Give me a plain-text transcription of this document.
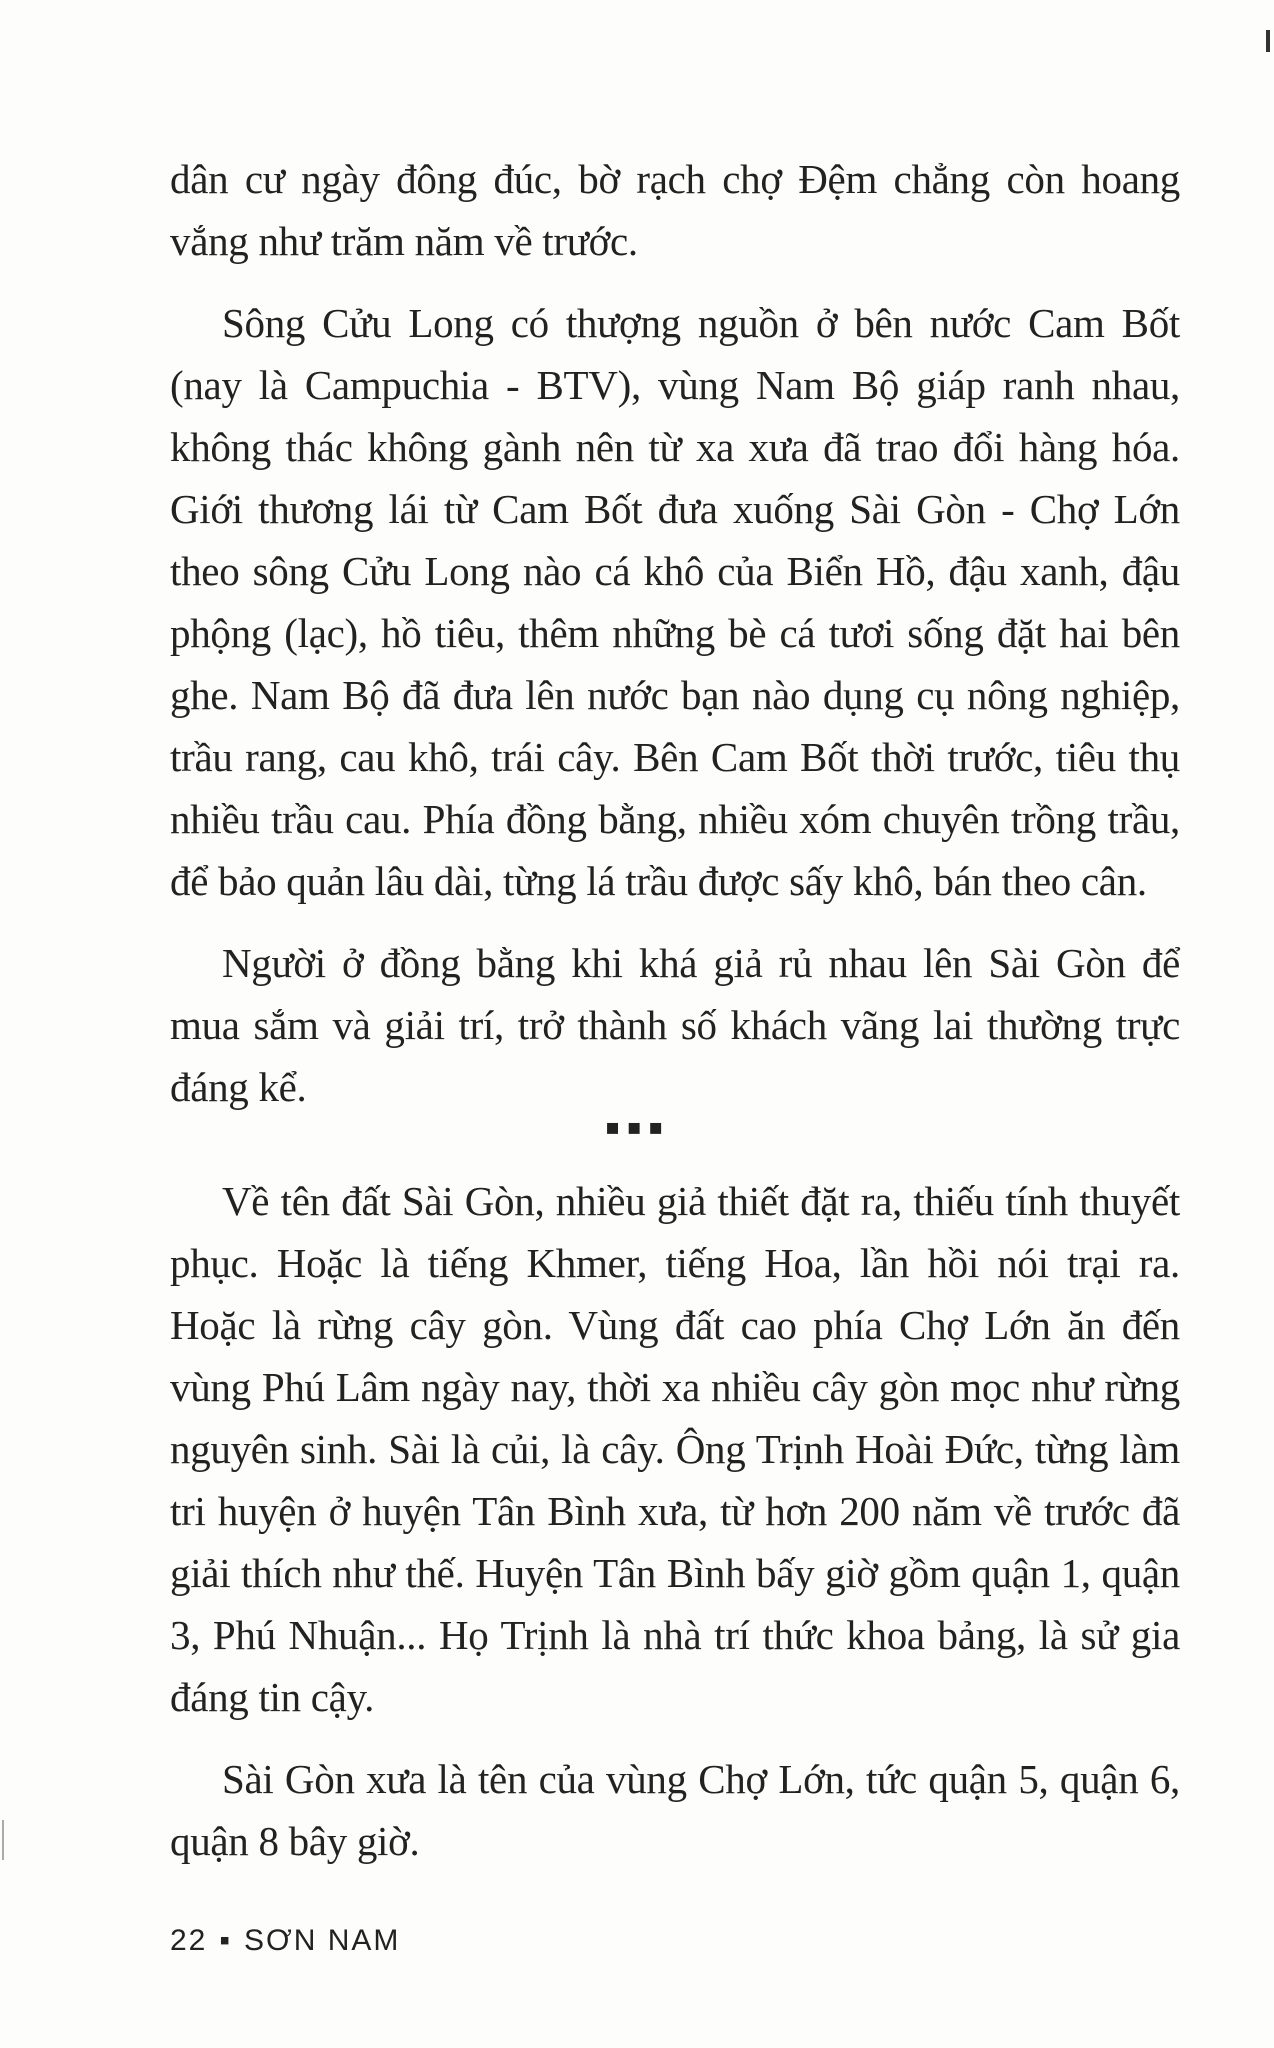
dân cư ngày đông đúc, bờ rạch chợ Đệm chẳng còn hoang vắng như trăm năm về trước.

Sông Cửu Long có thượng nguồn ở bên nước Cam Bốt (nay là Campuchia - BTV), vùng Nam Bộ giáp ranh nhau, không thác không gành nên từ xa xưa đã trao đổi hàng hóa. Giới thương lái từ Cam Bốt đưa xuống Sài Gòn - Chợ Lớn theo sông Cửu Long nào cá khô của Biển Hồ, đậu xanh, đậu phộng (lạc), hồ tiêu, thêm những bè cá tươi sống đặt hai bên ghe. Nam Bộ đã đưa lên nước bạn nào dụng cụ nông nghiệp, trầu rang, cau khô, trái cây. Bên Cam Bốt thời trước, tiêu thụ nhiều trầu cau. Phía đồng bằng, nhiều xóm chuyên trồng trầu, để bảo quản lâu dài, từng lá trầu được sấy khô, bán theo cân.

Người ở đồng bằng khi khá giả rủ nhau lên Sài Gòn để mua sắm và giải trí, trở thành số khách vãng lai thường trực đáng kể.

▪▪▪

Về tên đất Sài Gòn, nhiều giả thiết đặt ra, thiếu tính thuyết phục. Hoặc là tiếng Khmer, tiếng Hoa, lần hồi nói trại ra. Hoặc là rừng cây gòn. Vùng đất cao phía Chợ Lớn ăn đến vùng Phú Lâm ngày nay, thời xa nhiều cây gòn mọc như rừng nguyên sinh. Sài là củi, là cây. Ông Trịnh Hoài Đức, từng làm tri huyện ở huyện Tân Bình xưa, từ hơn 200 năm về trước đã giải thích như thế. Huyện Tân Bình bấy giờ gồm quận 1, quận 3, Phú Nhuận... Họ Trịnh là nhà trí thức khoa bảng, là sử gia đáng tin cậy.

Sài Gòn xưa là tên của vùng Chợ Lớn, tức quận 5, quận 6, quận 8 bây giờ.

22 ▪ SƠN NAM
